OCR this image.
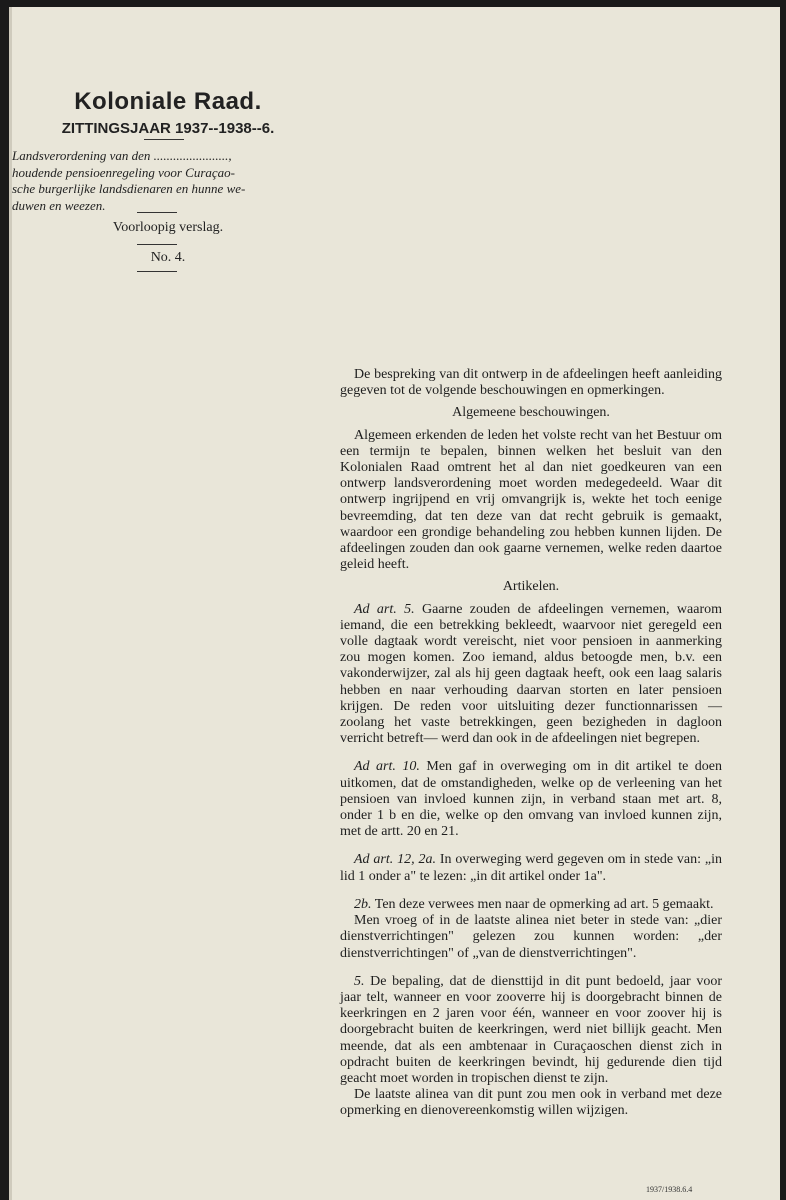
Koloniale Raad.
ZITTINGSJAAR 1937--1938--6.
Landsverordening van den .......................,
houdende pensioenregeling voor Curaçao-
sche burgerlijke landsdienaren en hunne we-
duwen en weezen.
Voorloopig verslag.
No. 4.

De bespreking van dit ontwerp in de afdeelingen heeft aanleiding gegeven tot de volgende beschouwingen en opmerkingen.

Algemeene beschouwingen.

Algemeen erkenden de leden het volste recht van het Bestuur om een termijn te bepalen, binnen welken het besluit van den Kolonialen Raad omtrent het al dan niet goedkeuren van een ontwerp landsverordening moet worden medegedeeld. Waar dit ontwerp ingrijpend en vrij omvangrijk is, wekte het toch eenige bevreemding, dat ten deze van dat recht gebruik is gemaakt, waardoor een grondige behandeling zou hebben kunnen lijden. De afdeelingen zouden dan ook gaarne vernemen, welke reden daartoe geleid heeft.

Artikelen.

Ad art. 5. Gaarne zouden de afdeelingen vernemen, waarom iemand, die een betrekking bekleedt, waarvoor niet geregeld een volle dagtaak wordt vereischt, niet voor pensioen in aanmerking zou mogen komen. Zoo iemand, aldus betoogde men, b.v. een vakonderwijzer, zal als hij geen dagtaak heeft, ook een laag salaris hebben en naar verhouding daarvan storten en later pensioen krijgen. De reden voor uitsluiting dezer functionnarissen — zoolang het vaste betrekkingen, geen bezigheden in dagloon verricht betreft— werd dan ook in de afdeelingen niet begrepen.

Ad art. 10. Men gaf in overweging om in dit artikel te doen uitkomen, dat de omstandigheden, welke op de verleening van het pensioen van invloed kunnen zijn, in verband staan met art. 8, onder 1 b en die, welke op den omvang van invloed kunnen zijn, met de artt. 20 en 21.

Ad art. 12, 2a. In overweging werd gegeven om in stede van: „in lid 1 onder a" te lezen: „in dit artikel onder 1a".

2b. Ten deze verwees men naar de opmerking ad art. 5 gemaakt.

Men vroeg of in de laatste alinea niet beter in stede van: „dier dienstverrichtingen" gelezen zou kunnen worden: „der dienstverrichtingen" of „van de dienstverrichtingen".

5. De bepaling, dat de diensttijd in dit punt bedoeld, jaar voor jaar telt, wanneer en voor zooverre hij is doorgebracht binnen de keerkringen en 2 jaren voor één, wanneer en voor zoover hij is doorgebracht buiten de keerkringen, werd niet billijk geacht. Men meende, dat als een ambtenaar in Curaçaoschen dienst zich in opdracht buiten de keerkringen bevindt, hij gedurende dien tijd geacht moet worden in tropischen dienst te zijn.

De laatste alinea van dit punt zou men ook in verband met deze opmerking en dienovereenkomstig willen wijzigen.

1937/1938.6.4
